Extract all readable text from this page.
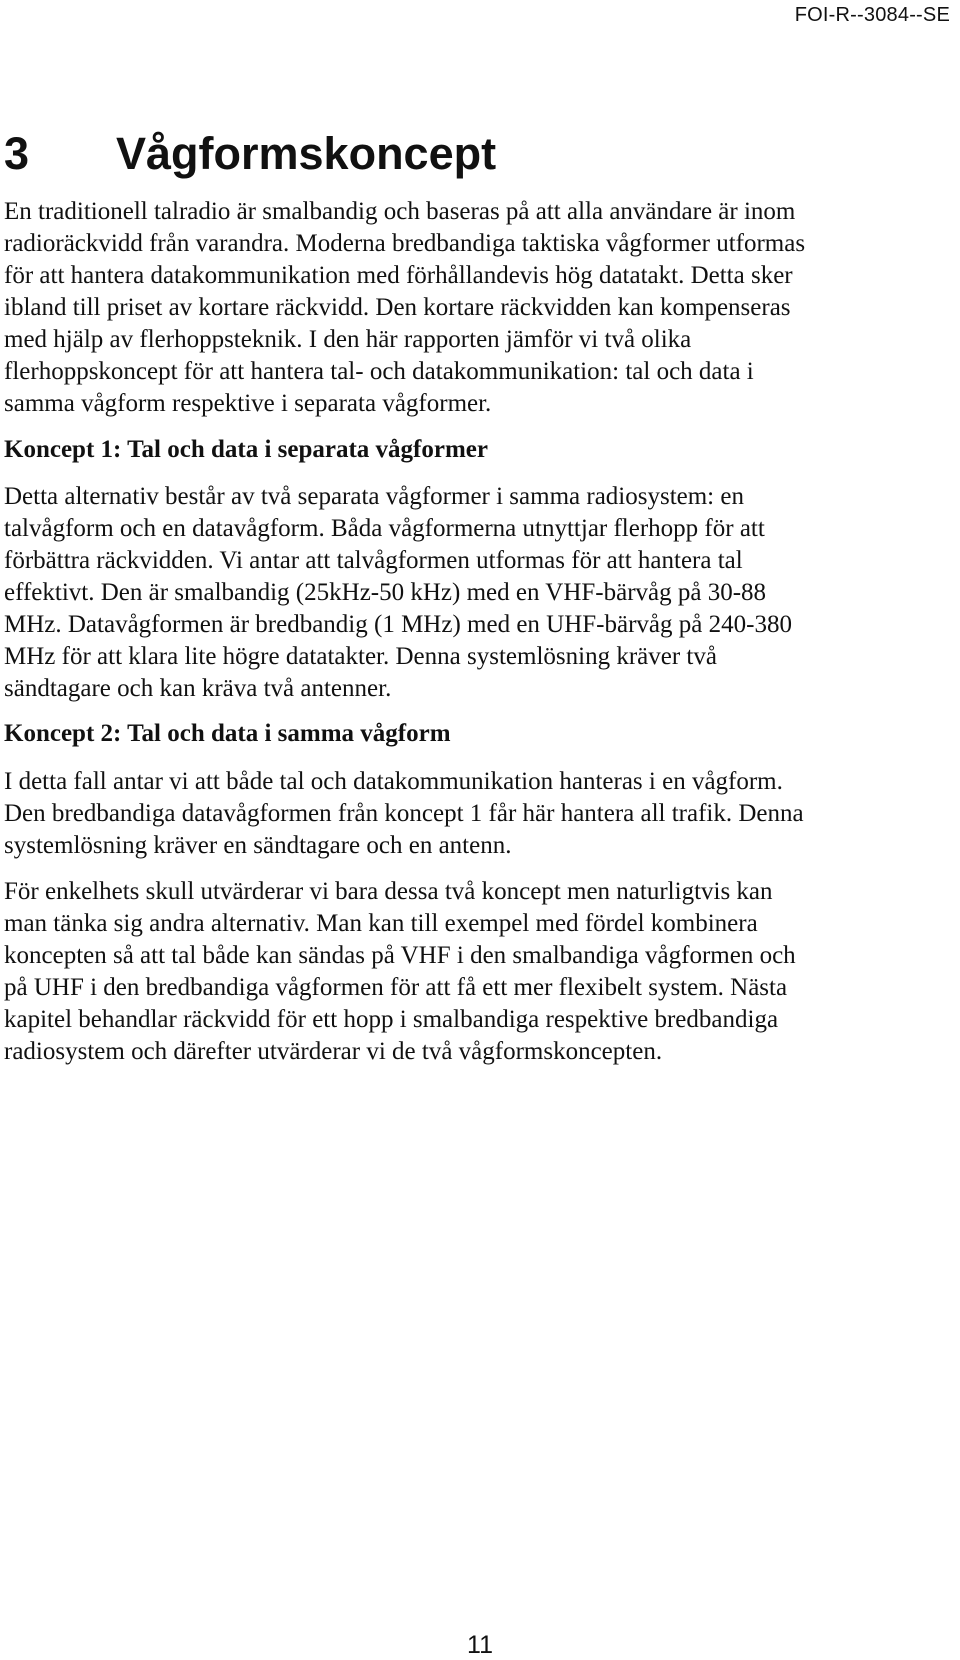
FOI-R--3084--SE
3 Vågformskoncept

En traditionell talradio är smalbandig och baseras på att alla användare är inom
radioräckvidd från varandra. Moderna bredbandiga taktiska vågformer utformas
för att hantera datakommunikation med förhållandevis hög datatakt. Detta sker
ibland till priset av kortare räckvidd. Den kortare räckvidden kan kompenseras
med hjälp av flerhoppsteknik. I den här rapporten jämför vi två olika
flerhoppskoncept för att hantera tal- och datakommunikation: tal och data i
samma vågform respektive i separata vågformer.

Koncept 1: Tal och data i separata vågformer

Detta alternativ består av två separata vågformer i samma radiosystem: en
talvågform och en datavågform. Båda vågformerna utnyttjar flerhopp för att
förbättra räckvidden. Vi antar att talvågformen utformas för att hantera tal
effektivt. Den är smalbandig (25kHz-50 kHz) med en VHF-bärvåg på 30-88
MHz. Datavågformen är bredbandig (1 MHz) med en UHF-bärvåg på 240-380
MHz för att klara lite högre datatakter. Denna systemlösning kräver två
sändtagare och kan kräva två antenner.

Koncept 2: Tal och data i samma vågform

I detta fall antar vi att både tal och datakommunikation hanteras i en vågform.
Den bredbandiga datavågformen från koncept 1 får här hantera all trafik. Denna
systemlösning kräver en sändtagare och en antenn.

För enkelhets skull utvärderar vi bara dessa två koncept men naturligtvis kan
man tänka sig andra alternativ. Man kan till exempel med fördel kombinera
koncepten så att tal både kan sändas på VHF i den smalbandiga vågformen och
på UHF i den bredbandiga vågformen för att få ett mer flexibelt system. Nästa
kapitel behandlar räckvidd för ett hopp i smalbandiga respektive bredbandiga
radiosystem och därefter utvärderar vi de två vågformskoncepten.

11
